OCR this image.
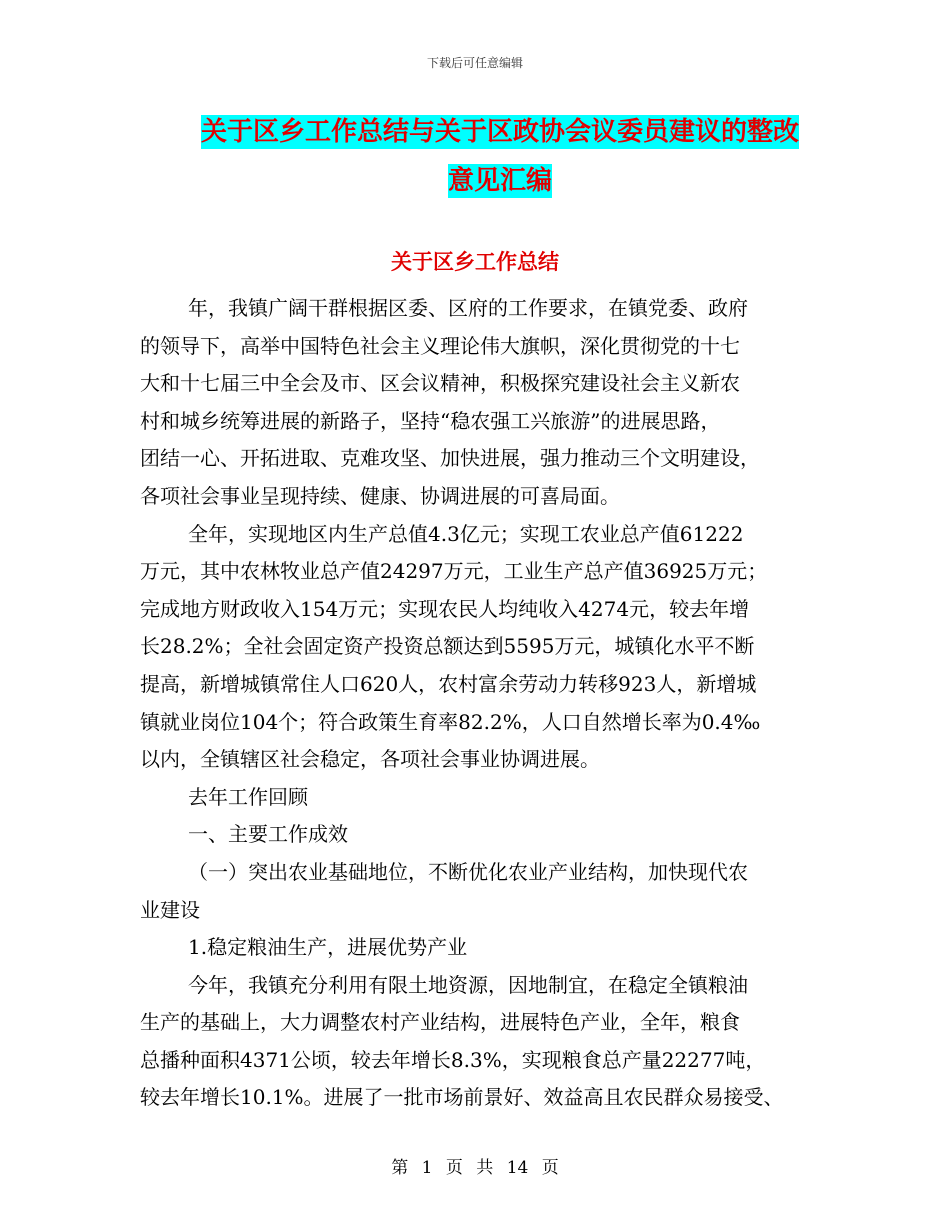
下载后可任意编辑
关于区乡工作总结与关于区政协会议委员建议的整改
意见汇编
关于区乡工作总结
年，我镇广阔干群根据区委、区府的工作要求，在镇党委、政府
的领导下，高举中国特色社会主义理论伟大旗帜，深化贯彻党的十七
大和十七届三中全会及市、区会议精神，积极探究建设社会主义新农
村和城乡统筹进展的新路子，坚持“稳农强工兴旅游”的进展思路，
团结一心、开拓进取、克难攻坚、加快进展，强力推动三个文明建设，
各项社会事业呈现持续、健康、协调进展的可喜局面。
全年，实现地区内生产总值4.3亿元；实现工农业总产值61222
万元，其中农林牧业总产值24297万元，工业生产总产值36925万元；
完成地方财政收入154万元；实现农民人均纯收入4274元，较去年增
长28.2%；全社会固定资产投资总额达到5595万元，城镇化水平不断
提高，新增城镇常住人口620人，农村富余劳动力转移923人，新增城
镇就业岗位104个；符合政策生育率82.2%，人口自然增长率为0.4‰
以内，全镇辖区社会稳定，各项社会事业协调进展。
去年工作回顾
一、主要工作成效
（一）突出农业基础地位，不断优化农业产业结构，加快现代农
业建设
1.稳定粮油生产，进展优势产业
今年，我镇充分利用有限土地资源，因地制宜，在稳定全镇粮油
生产的基础上，大力调整农村产业结构，进展特色产业，全年，粮食
总播种面积4371公顷，较去年增长8.3%，实现粮食总产量22277吨，
较去年增长10.1%。进展了一批市场前景好、效益高且农民群众易接受、
第 1 页 共 14 页
